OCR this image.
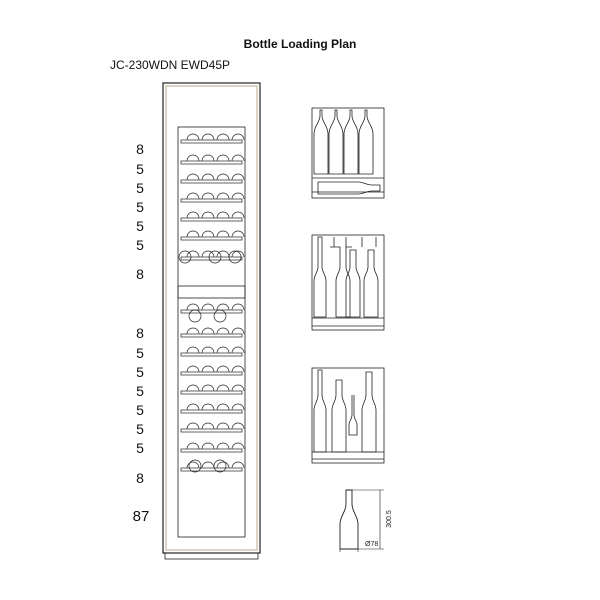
Bottle Loading Plan
JC-230WDN EWD45P
8
5
5
5
5
5
8
8
5
5
5
5
5
5
8
87	300.5
Ø78
